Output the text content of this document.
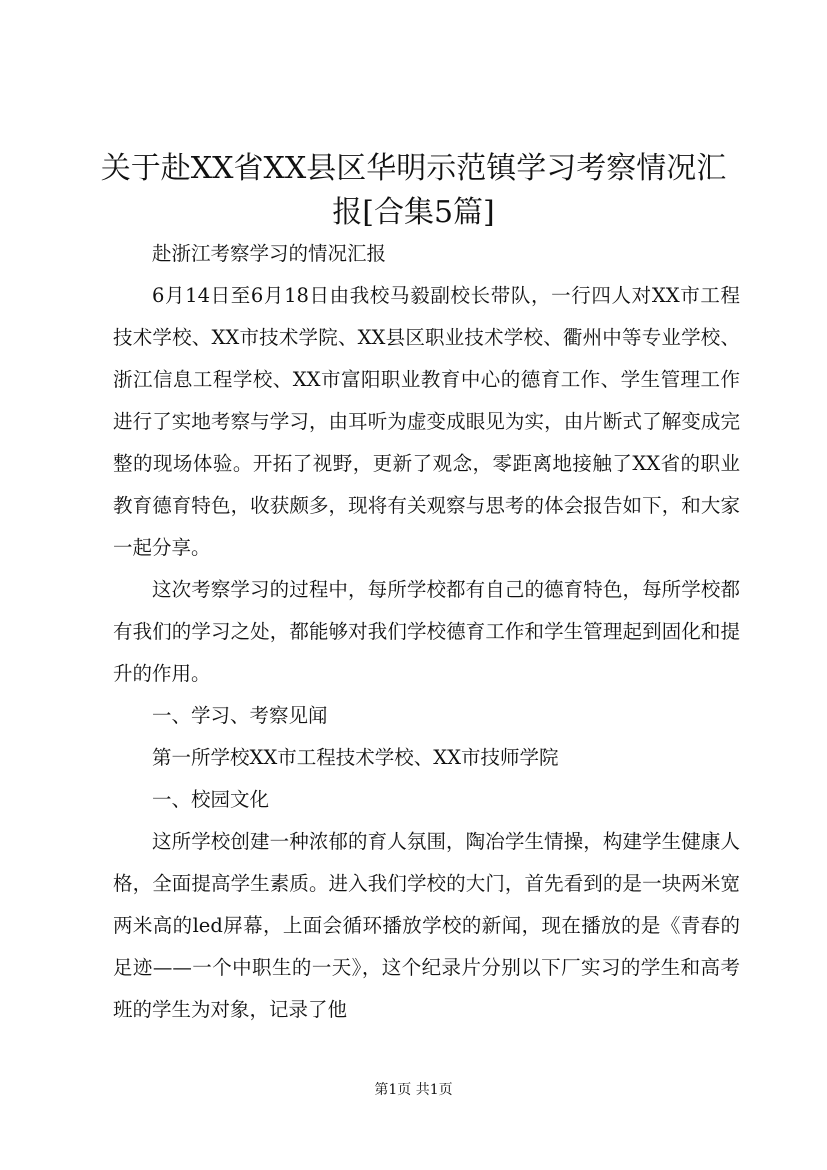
关于赴XX省XX县区华明示范镇学习考察情况汇报[合集5篇]

赴浙江考察学习的情况汇报

6月14日至6月18日由我校马毅副校长带队，一行四人对XX市工程技术学校、XX市技术学院、XX县区职业技术学校、衢州中等专业学校、浙江信息工程学校、XX市富阳职业教育中心的德育工作、学生管理工作进行了实地考察与学习，由耳听为虚变成眼见为实，由片断式了解变成完整的现场体验。开拓了视野，更新了观念，零距离地接触了XX省的职业教育德育特色，收获颇多，现将有关观察与思考的体会报告如下，和大家一起分享。

这次考察学习的过程中，每所学校都有自己的德育特色，每所学校都有我们的学习之处，都能够对我们学校德育工作和学生管理起到固化和提升的作用。

一、学习、考察见闻

第一所学校XX市工程技术学校、XX市技师学院

一、校园文化

这所学校创建一种浓郁的育人氛围，陶冶学生情操，构建学生健康人格，全面提高学生素质。进入我们学校的大门，首先看到的是一块两米宽两米高的led屏幕，上面会循环播放学校的新闻，现在播放的是《青春的足迹——一个中职生的一天》，这个纪录片分别以下厂实习的学生和高考班的学生为对象，记录了他

第1页 共1页
